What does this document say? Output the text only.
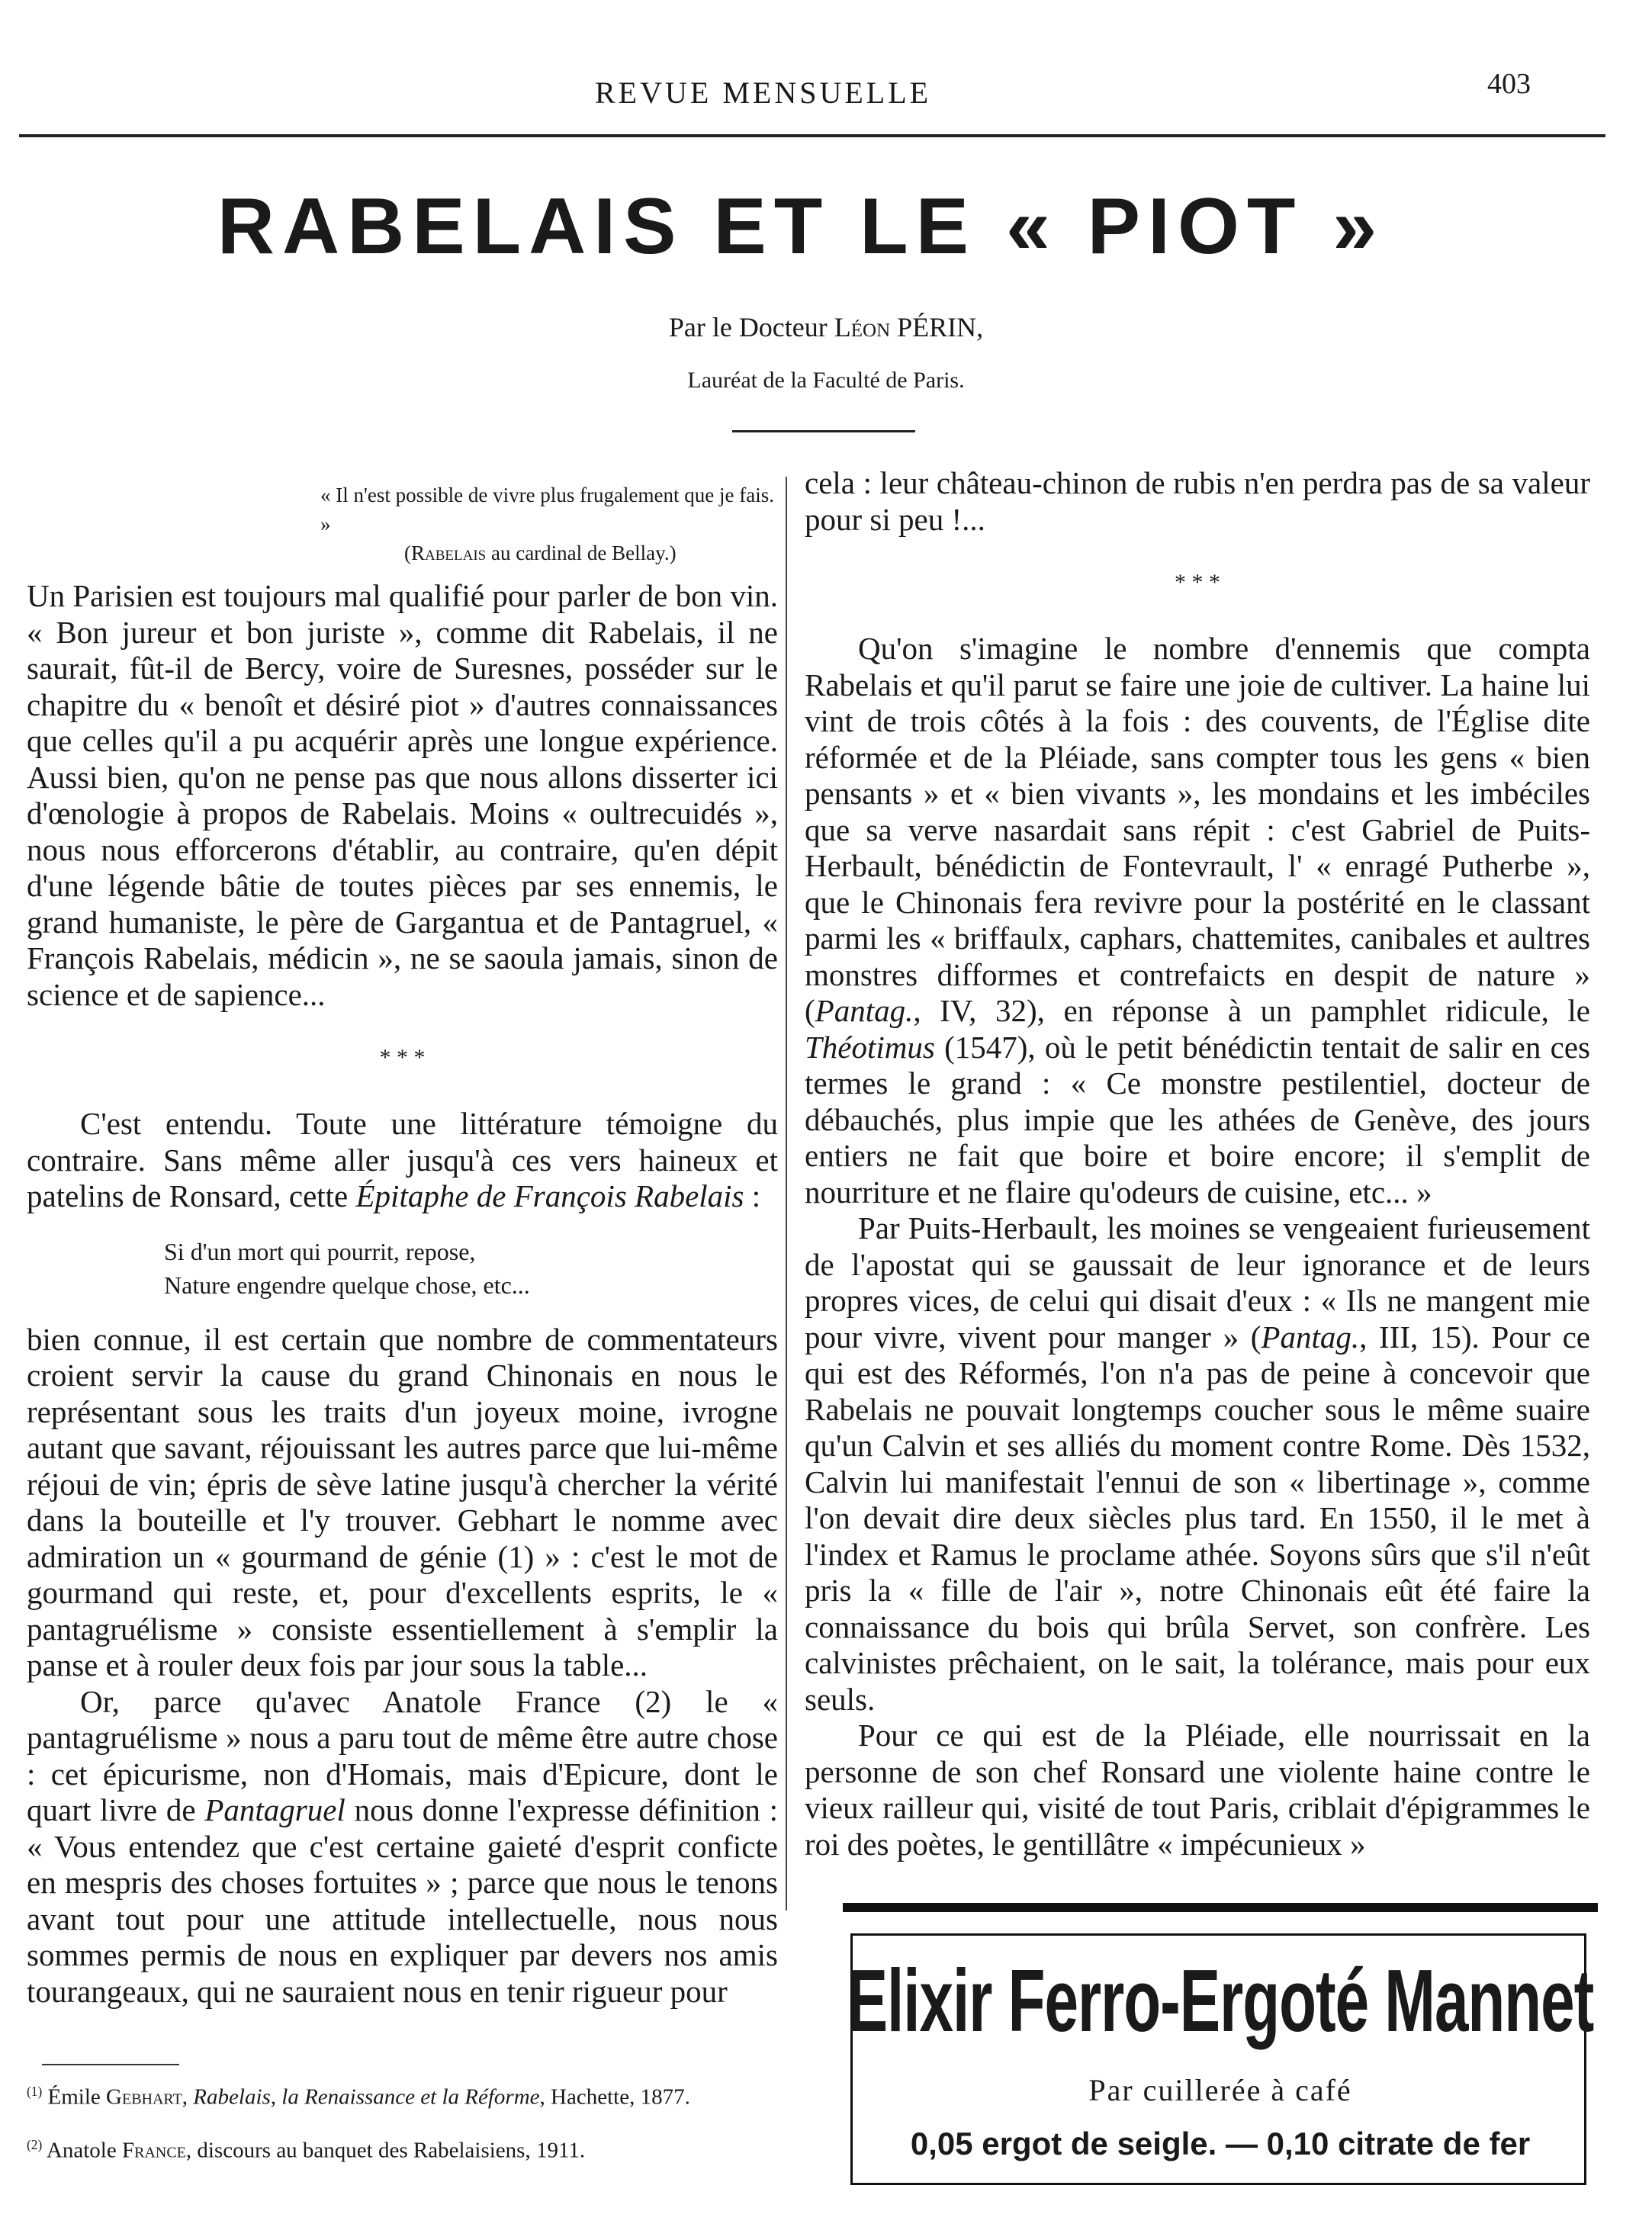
REVUE MENSUELLE	403
RABELAIS ET LE « PIOT »
Par le Docteur Léon PÉRIN,
Lauréat de la Faculté de Paris.
« Il n'est possible de vivre plus frugalement que je fais. »
(Rabelais au cardinal de Bellay.)

Un Parisien est toujours mal qualifié pour parler de bon vin. « Bon jureur et bon juriste », comme dit Rabelais, il ne saurait, fût-il de Bercy, voire de Suresnes, posséder sur le chapitre du « benoît et désiré piot » d'autres connaissances que celles qu'il a pu acquérir après une longue expérience. Aussi bien, qu'on ne pense pas que nous allons disserter ici d'œnologie à propos de Rabelais. Moins « oultrecuidés », nous nous efforcerons d'établir, au contraire, qu'en dépit d'une légende bâtie de toutes pièces par ses ennemis, le grand humaniste, le père de Gargantua et de Pantagruel, « François Rabelais, médicin », ne se saoula jamais, sinon de science et de sapience...

* * *

C'est entendu. Toute une littérature témoigne du contraire. Sans même aller jusqu'à ces vers haineux et patelins de Ronsard, cette Épitaphe de François Rabelais :

Si d'un mort qui pourrit, repose,
Nature engendre quelque chose, etc...

bien connue, il est certain que nombre de commentateurs croient servir la cause du grand Chinonais en nous le représentant sous les traits d'un joyeux moine, ivrogne autant que savant, réjouissant les autres parce que lui-même réjoui de vin; épris de sève latine jusqu'à chercher la vérité dans la bouteille et l'y trouver. Gebhart le nomme avec admiration un « gourmand de génie (1) » : c'est le mot de gourmand qui reste, et, pour d'excellents esprits, le « pantagruélisme » consiste essentiellement à s'emplir la panse et à rouler deux fois par jour sous la table...

Or, parce qu'avec Anatole France (2) le « pantagruélisme » nous a paru tout de même être autre chose : cet épicurisme, non d'Homais, mais d'Epicure, dont le quart livre de Pantagruel nous donne l'expresse définition : « Vous entendez que c'est certaine gaieté d'esprit conficte en mespris des choses fortuites » ; parce que nous le tenons avant tout pour une attitude intellectuelle, nous nous sommes permis de nous en expliquer par devers nos amis tourangeaux, qui ne sauraient nous en tenir rigueur pour

$^{(1)}$ Émile Gebhart, Rabelais, la Renaissance et la Réforme, Hachette, 1877.

$^{(2)}$ Anatole France, discours au banquet des Rabelaisiens, 1911.

cela : leur château-chinon de rubis n'en perdra pas de sa valeur pour si peu !...

* * *

Qu'on s'imagine le nombre d'ennemis que compta Rabelais et qu'il parut se faire une joie de cultiver. La haine lui vint de trois côtés à la fois : des couvents, de l'Église dite réformée et de la Pléiade, sans compter tous les gens « bien pensants » et « bien vivants », les mondains et les imbéciles que sa verve nasardait sans répit : c'est Gabriel de Puits-Herbault, bénédictin de Fontevrault, l' « enragé Putherbe », que le Chinonais fera revivre pour la postérité en le classant parmi les « briffaulx, caphars, chattemites, canibales et aultres monstres difformes et contrefaicts en despit de nature » (Pantag., IV, 32), en réponse à un pamphlet ridicule, le Théotimus (1547), où le petit bénédictin tentait de salir en ces termes le grand : « Ce monstre pestilentiel, docteur de débauchés, plus impie que les athées de Genève, des jours entiers ne fait que boire et boire encore; il s'emplit de nourriture et ne flaire qu'odeurs de cuisine, etc... »

Par Puits-Herbault, les moines se vengeaient furieusement de l'apostat qui se gaussait de leur ignorance et de leurs propres vices, de celui qui disait d'eux : « Ils ne mangent mie pour vivre, vivent pour manger » (Pantag., III, 15). Pour ce qui est des Réformés, l'on n'a pas de peine à concevoir que Rabelais ne pouvait longtemps coucher sous le même suaire qu'un Calvin et ses alliés du moment contre Rome. Dès 1532, Calvin lui manifestait l'ennui de son « libertinage », comme l'on devait dire deux siècles plus tard. En 1550, il le met à l'index et Ramus le proclame athée. Soyons sûrs que s'il n'eût pris la « fille de l'air », notre Chinonais eût été faire la connaissance du bois qui brûla Servet, son confrère. Les calvinistes prêchaient, on le sait, la tolérance, mais pour eux seuls.

Pour ce qui est de la Pléiade, elle nourrissait en la personne de son chef Ronsard une violente haine contre le vieux railleur qui, visité de tout Paris, criblait d'épigrammes le roi des poètes, le gentillâtre « impécunieux »

Elixir Ferro-Ergoté Mannet
Par cuillerée à café
0,05 ergot de seigle. — 0,10 citrate de fer
